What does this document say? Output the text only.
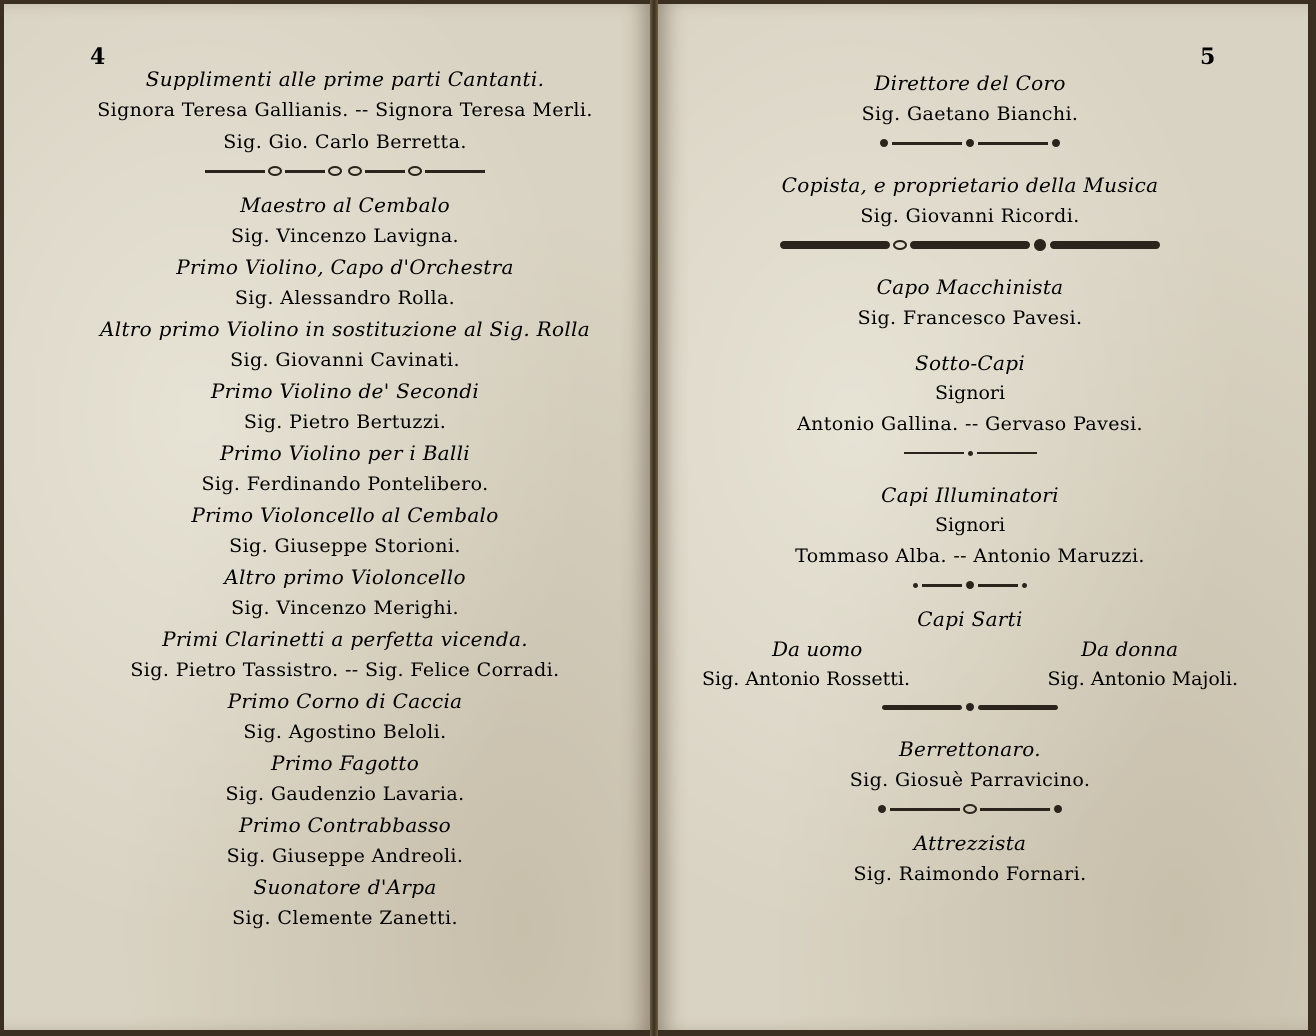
4	5
Supplimenti alle prime parti Cantanti.
Signora Teresa Gallianis. -- Signora Teresa Merli.
Sig. Gio. Carlo Berretta.
Maestro al Cembalo
Sig. Vincenzo Lavigna.
Primo Violino, Capo d'Orchestra
Sig. Alessandro Rolla.
Altro primo Violino in sostituzione al Sig. Rolla
Sig. Giovanni Cavinati.
Primo Violino de' Secondi
Sig. Pietro Bertuzzi.
Primo Violino per i Balli
Sig. Ferdinando Pontelibero.
Primo Violoncello al Cembalo
Sig. Giuseppe Storioni.
Altro primo Violoncello
Sig. Vincenzo Merighi.
Primi Clarinetti a perfetta vicenda.
Sig. Pietro Tassistro. -- Sig. Felice Corradi.
Primo Corno di Caccia
Sig. Agostino Beloli.
Primo Fagotto
Sig. Gaudenzio Lavaria.
Primo Contrabbasso
Sig. Giuseppe Andreoli.
Suonatore d'Arpa
Sig. Clemente Zanetti.
Direttore del Coro
Sig. Gaetano Bianchi.
Copista, e proprietario della Musica
Sig. Giovanni Ricordi.
Capo Macchinista
Sig. Francesco Pavesi.
Sotto-Capi
Signori
Antonio Gallina. -- Gervaso Pavesi.
Capi Illuminatori
Signori
Tommaso Alba. -- Antonio Maruzzi.
Capi Sarti
Da uomo	Da donna
Sig. Antonio Rossetti.	Sig. Antonio Majoli.
Berrettonaro.
Sig. Giosuè Parravicino.
Attrezzista
Sig. Raimondo Fornari.
